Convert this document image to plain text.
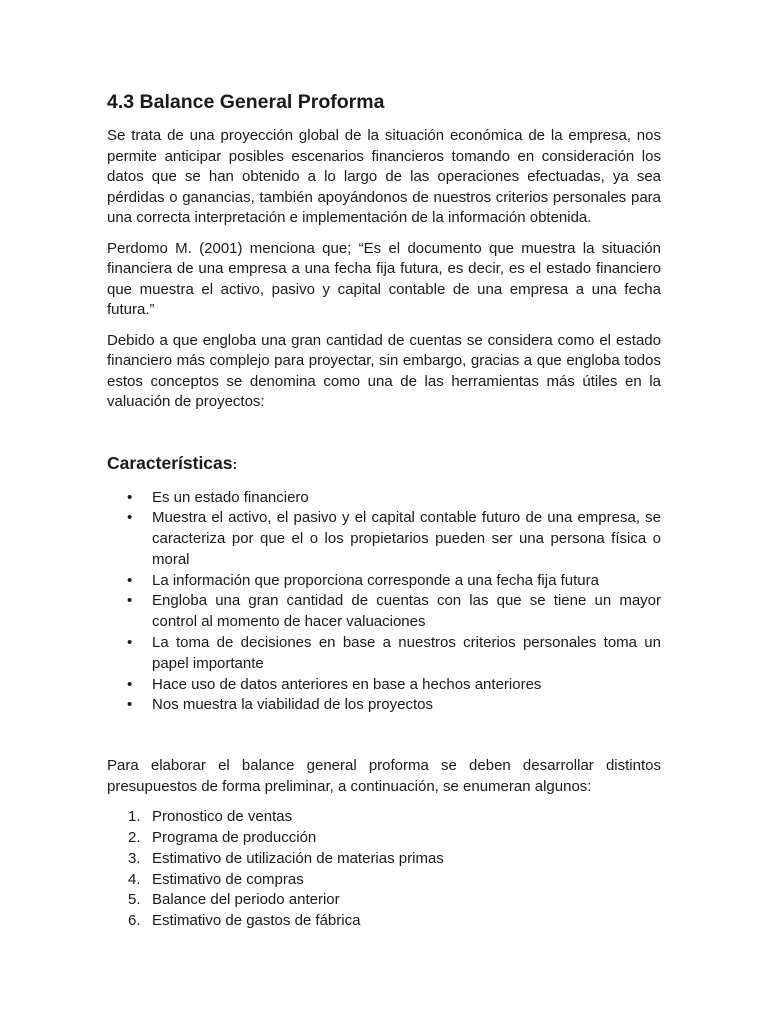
4.3 Balance General Proforma

Se trata de una proyección global de la situación económica de la empresa, nos permite anticipar posibles escenarios financieros tomando en consideración los datos que se han obtenido a lo largo de las operaciones efectuadas, ya sea pérdidas o ganancias, también apoyándonos de nuestros criterios personales para una correcta interpretación e implementación de la información obtenida.

Perdomo M. (2001) menciona que; “Es el documento que muestra la situación financiera de una empresa a una fecha fija futura, es decir, es el estado financiero que muestra el activo, pasivo y capital contable de una empresa a una fecha futura.”

Debido a que engloba una gran cantidad de cuentas se considera como el estado financiero más complejo para proyectar, sin embargo, gracias a que engloba todos estos conceptos se denomina como una de las herramientas más útiles en la valuación de proyectos:

Características:
• Es un estado financiero
• Muestra el activo, el pasivo y el capital contable futuro de una empresa, se caracteriza por que el o los propietarios pueden ser una persona física o moral
• La información que proporciona corresponde a una fecha fija futura
• Engloba una gran cantidad de cuentas con las que se tiene un mayor control al momento de hacer valuaciones
• La toma de decisiones en base a nuestros criterios personales toma un papel importante
• Hace uso de datos anteriores en base a hechos anteriores
• Nos muestra la viabilidad de los proyectos

Para elaborar el balance general proforma se deben desarrollar distintos presupuestos de forma preliminar, a continuación, se enumeran algunos:

1. Pronostico de ventas
2. Programa de producción
3. Estimativo de utilización de materias primas
4. Estimativo de compras
5. Balance del periodo anterior
6. Estimativo de gastos de fábrica
